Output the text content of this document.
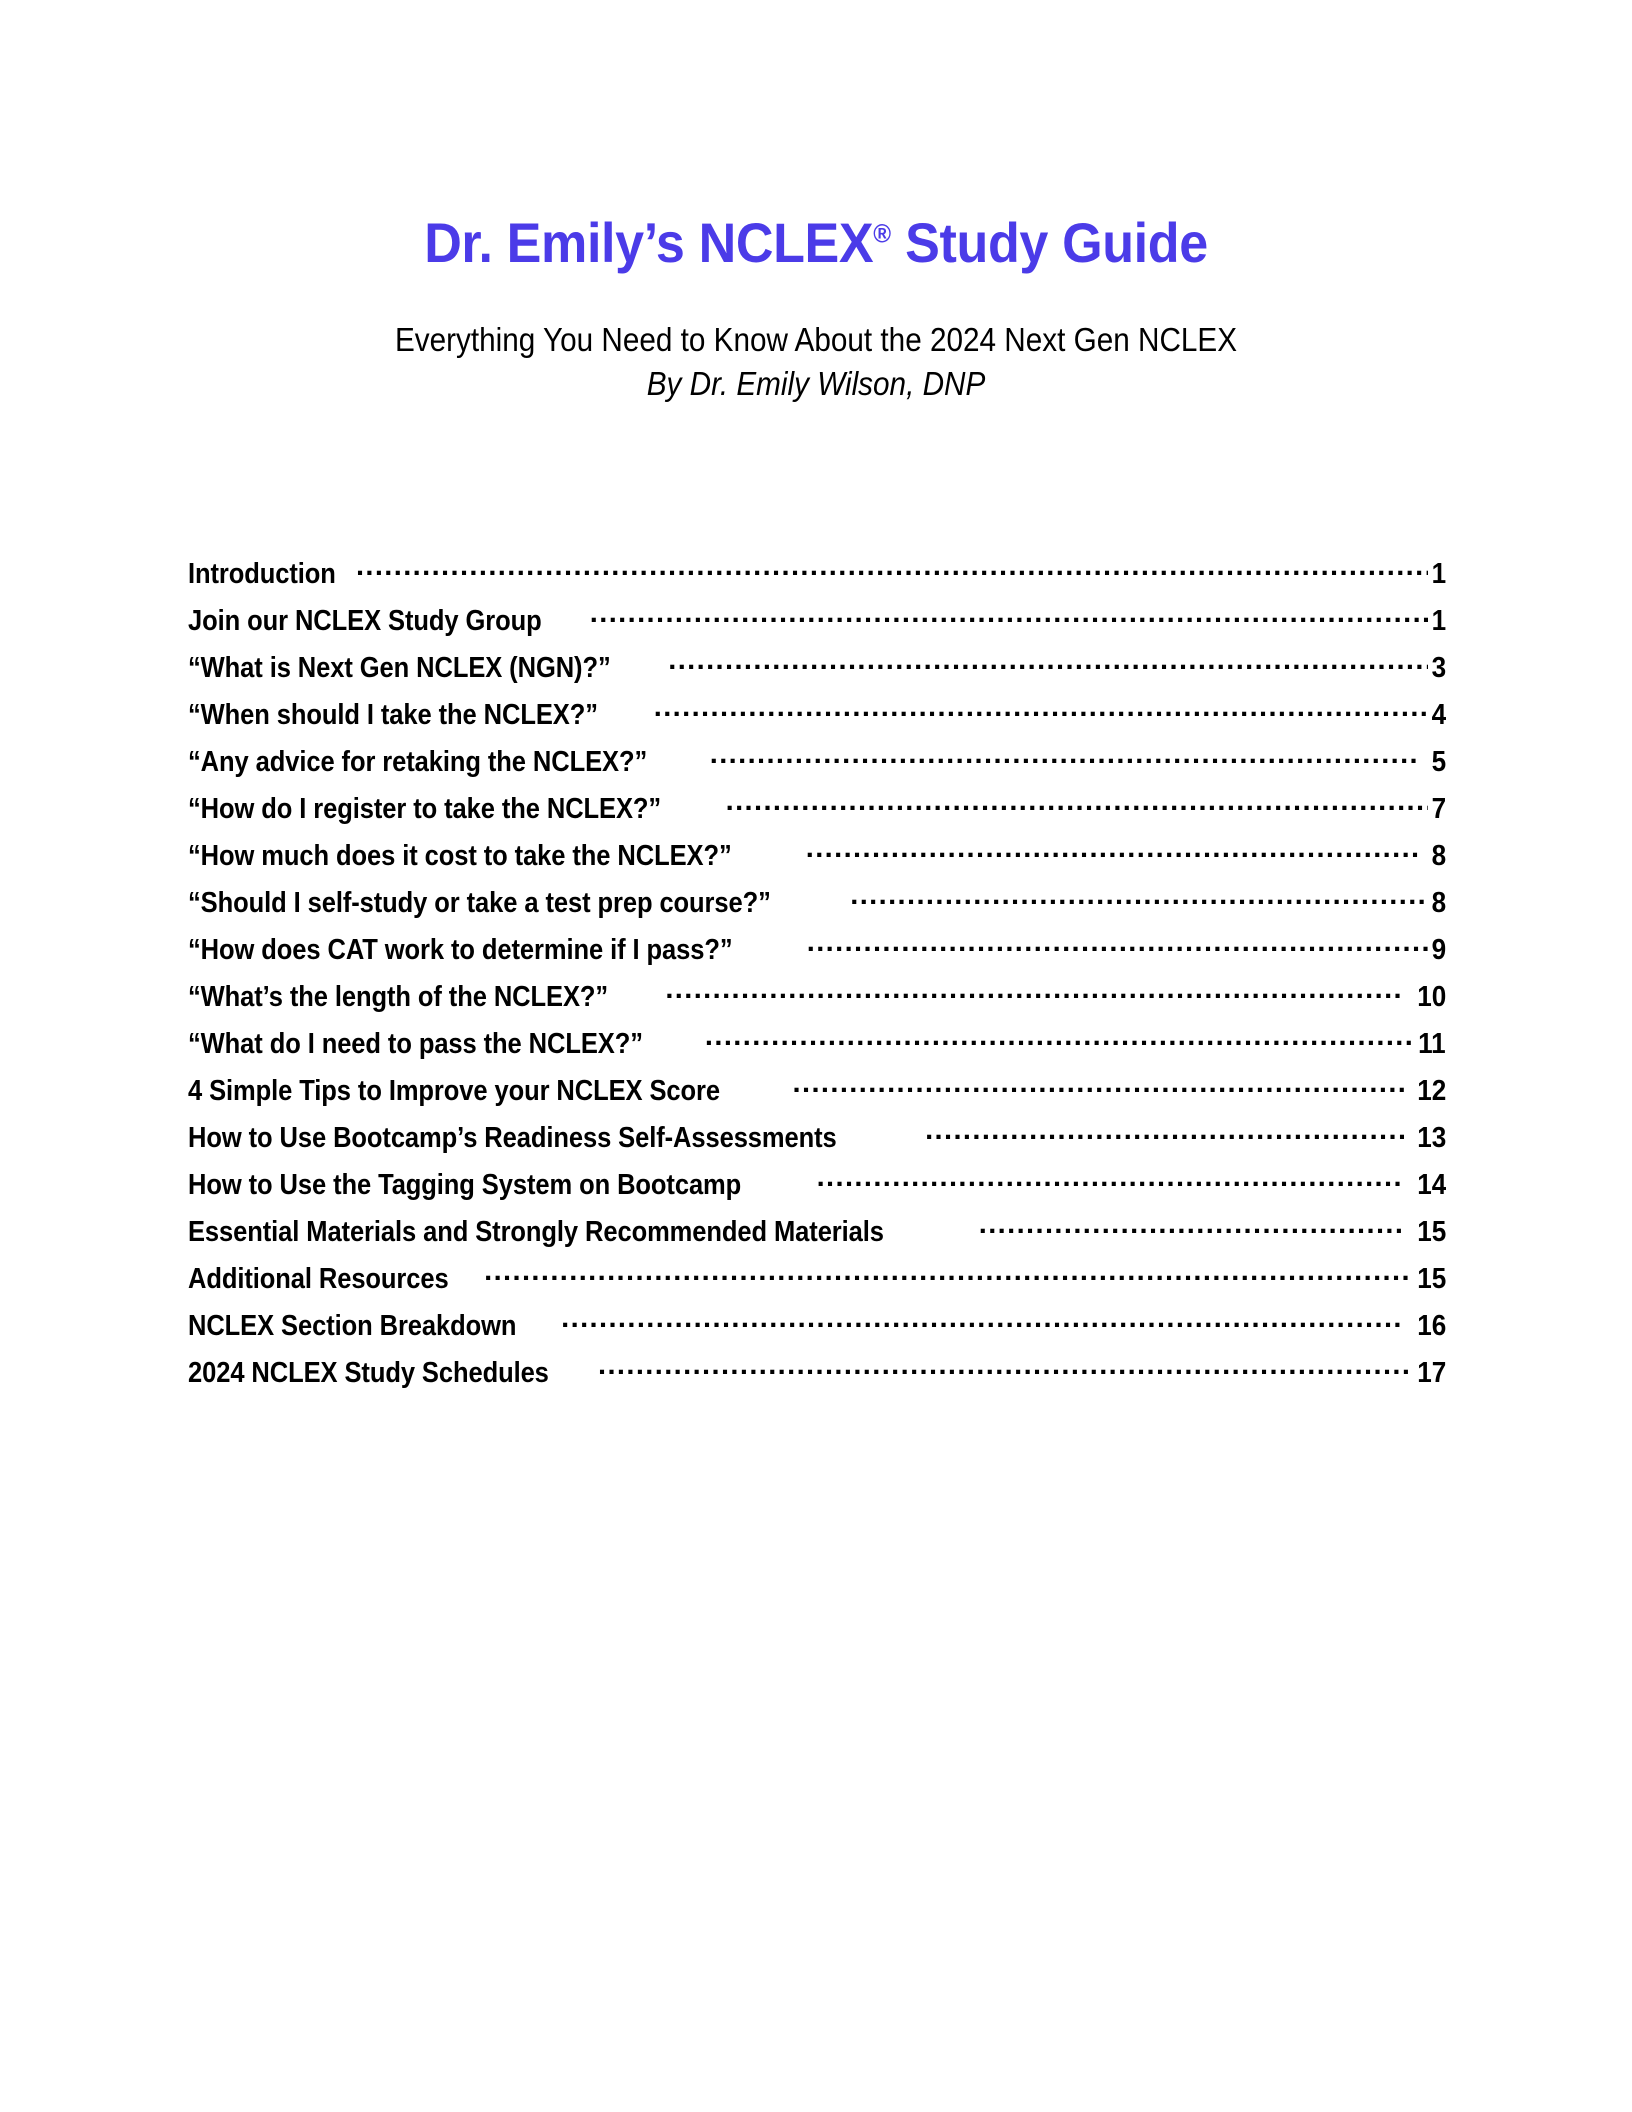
Dr. Emily’s NCLEX® Study Guide

Everything You Need to Know About the 2024 Next Gen NCLEX

By Dr. Emily Wilson, DNP

Introduction .....	1
Join our NCLEX Study Group .....	1
“What is Next Gen NCLEX (NGN)?” .....	3
“When should I take the NCLEX?” .....	4
“Any advice for retaking the NCLEX?” .....	5
“How do I register to take the NCLEX?” .....	7
“How much does it cost to take the NCLEX?” .....	8
“Should I self-study or take a test prep course?” .....	8
“How does CAT work to determine if I pass?” .....	9
“What’s the length of the NCLEX?” .....	10
“What do I need to pass the NCLEX?” .....	11
4 Simple Tips to Improve your NCLEX Score .....	12
How to Use Bootcamp’s Readiness Self-Assessments .....	13
How to Use the Tagging System on Bootcamp .....	14
Essential Materials and Strongly Recommended Materials .....	15
Additional Resources .....	15
NCLEX Section Breakdown .....	16
2024 NCLEX Study Schedules .....	17
